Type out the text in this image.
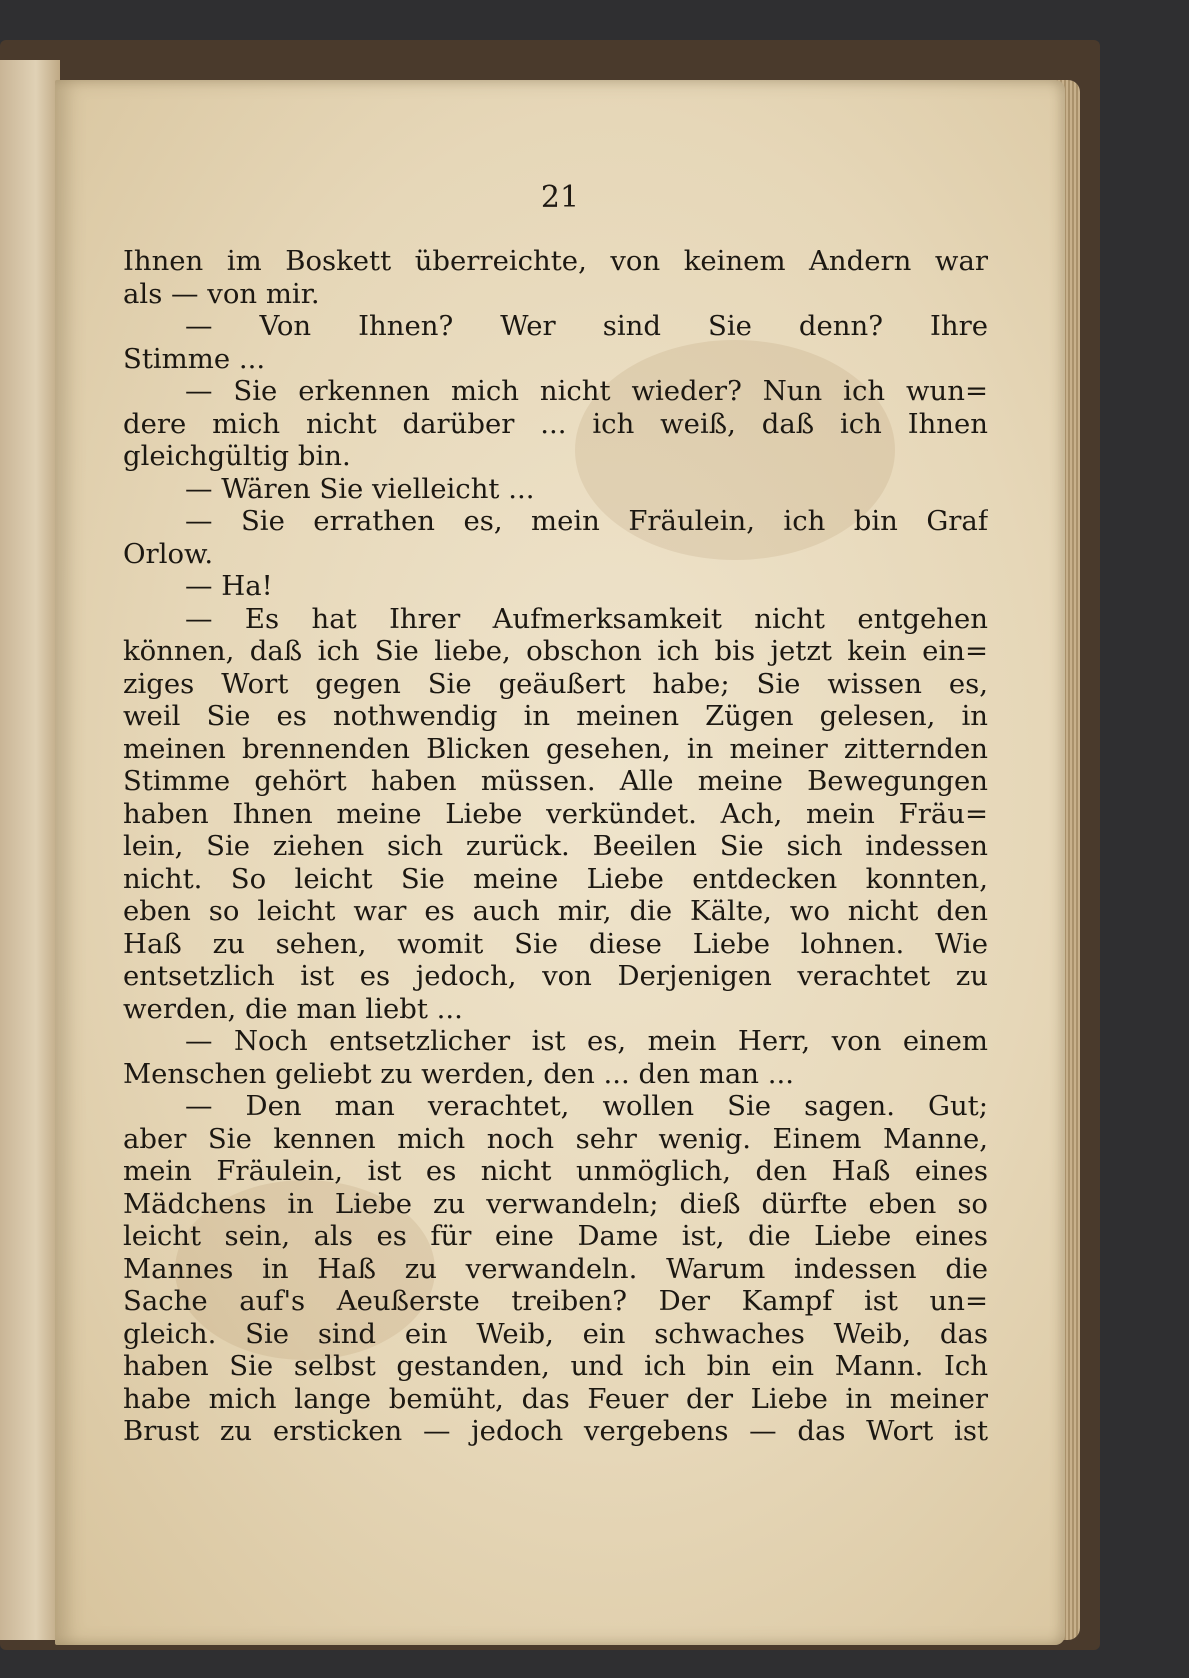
21
Ihnen im Boskett überreichte, von keinem Andern war
als — von mir.
— Von Ihnen? Wer sind Sie denn? Ihre
Stimme ...
— Sie erkennen mich nicht wieder? Nun ich wun=
dere mich nicht darüber ... ich weiß, daß ich Ihnen
gleichgültig bin.
— Wären Sie vielleicht ...
— Sie errathen es, mein Fräulein, ich bin Graf
Orlow.
— Ha!
— Es hat Ihrer Aufmerksamkeit nicht entgehen
können, daß ich Sie liebe, obschon ich bis jetzt kein ein=
ziges Wort gegen Sie geäußert habe; Sie wissen es,
weil Sie es nothwendig in meinen Zügen gelesen, in
meinen brennenden Blicken gesehen, in meiner zitternden
Stimme gehört haben müssen. Alle meine Bewegungen
haben Ihnen meine Liebe verkündet. Ach, mein Fräu=
lein, Sie ziehen sich zurück. Beeilen Sie sich indessen
nicht. So leicht Sie meine Liebe entdecken konnten,
eben so leicht war es auch mir, die Kälte, wo nicht den
Haß zu sehen, womit Sie diese Liebe lohnen. Wie
entsetzlich ist es jedoch, von Derjenigen verachtet zu
werden, die man liebt ...
— Noch entsetzlicher ist es, mein Herr, von einem
Menschen geliebt zu werden, den ... den man ...
— Den man verachtet, wollen Sie sagen. Gut;
aber Sie kennen mich noch sehr wenig. Einem Manne,
mein Fräulein, ist es nicht unmöglich, den Haß eines
Mädchens in Liebe zu verwandeln; dieß dürfte eben so
leicht sein, als es für eine Dame ist, die Liebe eines
Mannes in Haß zu verwandeln. Warum indessen die
Sache auf's Aeußerste treiben? Der Kampf ist un=
gleich. Sie sind ein Weib, ein schwaches Weib, das
haben Sie selbst gestanden, und ich bin ein Mann. Ich
habe mich lange bemüht, das Feuer der Liebe in meiner
Brust zu ersticken — jedoch vergebens — das Wort ist
